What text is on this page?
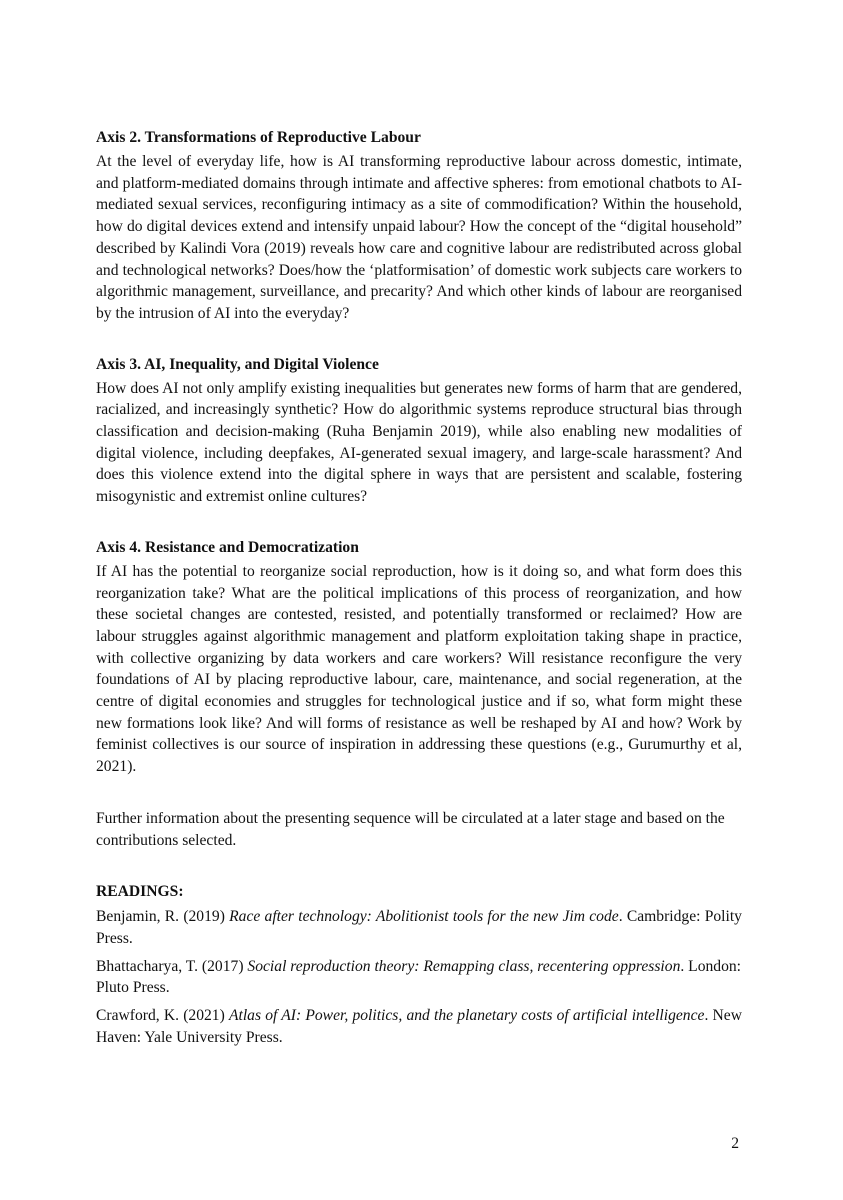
Axis 2. Transformations of Reproductive Labour

At the level of everyday life, how is AI transforming reproductive labour across domestic, intimate, and platform-mediated domains through intimate and affective spheres: from emotional chatbots to AI-mediated sexual services, reconfiguring intimacy as a site of commodification? Within the household, how do digital devices extend and intensify unpaid labour? How the concept of the “digital household” described by Kalindi Vora (2019) reveals how care and cognitive labour are redistributed across global and technological networks? Does/how the ‘platformisation’ of domestic work subjects care workers to algorithmic management, surveillance, and precarity? And which other kinds of labour are reorganised by the intrusion of AI into the everyday?

Axis 3. AI, Inequality, and Digital Violence

How does AI not only amplify existing inequalities but generates new forms of harm that are gendered, racialized, and increasingly synthetic? How do algorithmic systems reproduce structural bias through classification and decision-making (Ruha Benjamin 2019), while also enabling new modalities of digital violence, including deepfakes, AI-generated sexual imagery, and large-scale harassment? And does this violence extend into the digital sphere in ways that are persistent and scalable, fostering misogynistic and extremist online cultures?

Axis 4. Resistance and Democratization

If AI has the potential to reorganize social reproduction, how is it doing so, and what form does this reorganization take? What are the political implications of this process of reorganization, and how these societal changes are contested, resisted, and potentially transformed or reclaimed? How are labour struggles against algorithmic management and platform exploitation taking shape in practice, with collective organizing by data workers and care workers? Will resistance reconfigure the very foundations of AI by placing reproductive labour, care, maintenance, and social regeneration, at the centre of digital economies and struggles for technological justice and if so, what form might these new formations look like? And will forms of resistance as well be reshaped by AI and how? Work by feminist collectives is our source of inspiration in addressing these questions (e.g., Gurumurthy et al, 2021).

Further information about the presenting sequence will be circulated at a later stage and based on the contributions selected.

READINGS:

Benjamin, R. (2019) Race after technology: Abolitionist tools for the new Jim code. Cambridge: Polity Press.

Bhattacharya, T. (2017) Social reproduction theory: Remapping class, recentering oppression. London: Pluto Press.

Crawford, K. (2021) Atlas of AI: Power, politics, and the planetary costs of artificial intelligence. New Haven: Yale University Press.

2
